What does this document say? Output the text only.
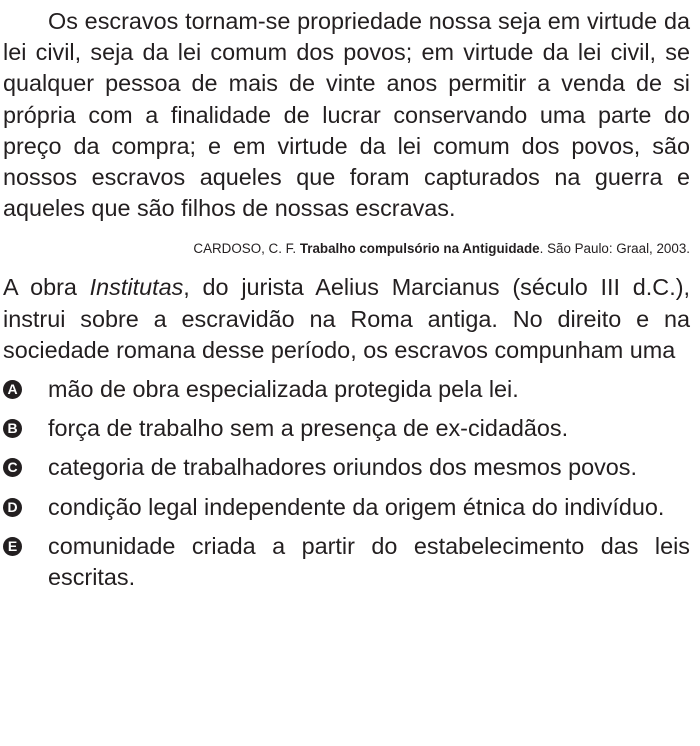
Os escravos tornam-se propriedade nossa seja em virtude da lei civil, seja da lei comum dos povos; em virtude da lei civil, se qualquer pessoa de mais de vinte anos permitir a venda de si própria com a finalidade de lucrar conservando uma parte do preço da compra; e em virtude da lei comum dos povos, são nossos escravos aqueles que foram capturados na guerra e aqueles que são filhos de nossas escravas.

CARDOSO, C. F. Trabalho compulsório na Antiguidade. São Paulo: Graal, 2003.

A obra Institutas, do jurista Aelius Marcianus (século III d.C.), instrui sobre a escravidão na Roma antiga. No direito e na sociedade romana desse período, os escravos compunham uma

A mão de obra especializada protegida pela lei.
B força de trabalho sem a presença de ex-cidadãos.
C categoria de trabalhadores oriundos dos mesmos povos.
D condição legal independente da origem étnica do indivíduo.
E comunidade criada a partir do estabelecimento das leis escritas.
